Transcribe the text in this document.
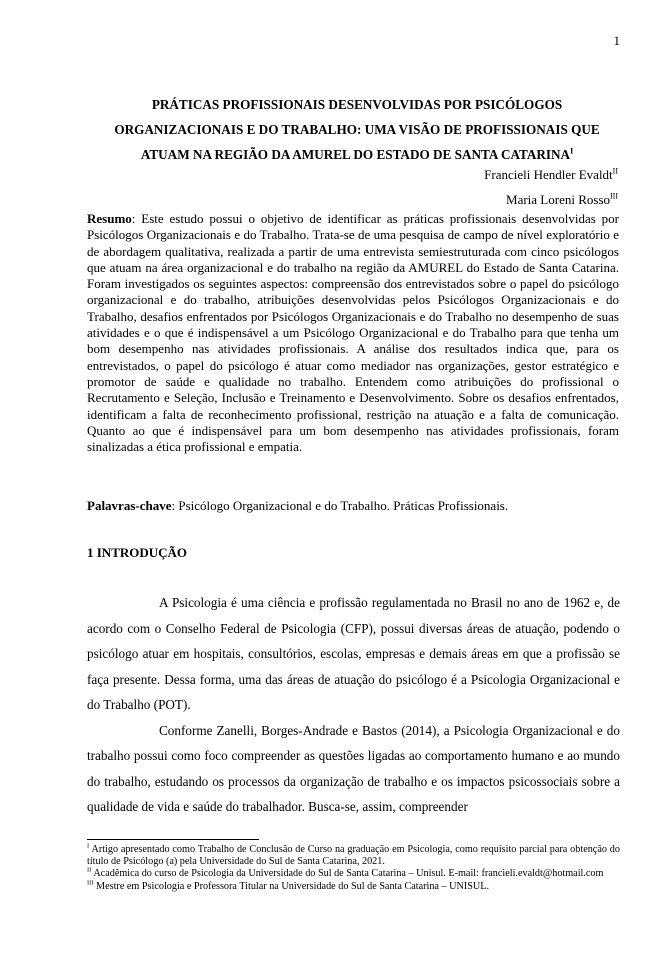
1
PRÁTICAS PROFISSIONAIS DESENVOLVIDAS POR PSICÓLOGOS
ORGANIZACIONAIS E DO TRABALHO: UMA VISÃO DE PROFISSIONAIS QUE
ATUAM NA REGIÃO DA AMUREL DO ESTADO DE SANTA $CATARINA^I$
Francieli Hendler Evaldt$^{II}$
Maria Loreni Rosso$^{III}$

Resumo: Este estudo possui o objetivo de identificar as práticas profissionais desenvolvidas por Psicólogos Organizacionais e do Trabalho. Trata-se de uma pesquisa de campo de nível exploratório e de abordagem qualitativa, realizada a partir de uma entrevista semiestruturada com cinco psicólogos que atuam na área organizacional e do trabalho na região da AMUREL do Estado de Santa Catarina. Foram investigados os seguintes aspectos: compreensão dos entrevistados sobre o papel do psicólogo organizacional e do trabalho, atribuições desenvolvidas pelos Psicólogos Organizacionais e do Trabalho, desafios enfrentados por Psicólogos Organizacionais e do Trabalho no desempenho de suas atividades e o que é indispensável a um Psicólogo Organizacional e do Trabalho para que tenha um bom desempenho nas atividades profissionais. A análise dos resultados indica que, para os entrevistados, o papel do psicólogo é atuar como mediador nas organizações, gestor estratégico e promotor de saúde e qualidade no trabalho. Entendem como atribuições do profissional o Recrutamento e Seleção, Inclusão e Treinamento e Desenvolvimento. Sobre os desafios enfrentados, identificam a falta de reconhecimento profissional, restrição na atuação e a falta de comunicação. Quanto ao que é indispensável para um bom desempenho nas atividades profissionais, foram sinalizadas a ética profissional e empatia.

Palavras-chave: Psicólogo Organizacional e do Trabalho. Práticas Profissionais.

1 INTRODUÇÃO

A Psicologia é uma ciência e profissão regulamentada no Brasil no ano de 1962 e, de acordo com o Conselho Federal de Psicologia (CFP), possui diversas áreas de atuação, podendo o psicólogo atuar em hospitais, consultórios, escolas, empresas e demais áreas em que a profissão se faça presente. Dessa forma, uma das áreas de atuação do psicólogo é a Psicologia Organizacional e do Trabalho (POT).

Conforme Zanelli, Borges-Andrade e Bastos (2014), a Psicologia Organizacional e do trabalho possui como foco compreender as questões ligadas ao comportamento humano e ao mundo do trabalho, estudando os processos da organização de trabalho e os impactos psicossociais sobre a qualidade de vida e saúde do trabalhador. Busca-se, assim, compreender

$^I$ Artigo apresentado como Trabalho de Conclusão de Curso na graduação em Psicologia, como requisito parcial para obtenção do título de Psicólogo (a) pela Universidade do Sul de Santa Catarina, 2021.

$^{II}$ Acadêmica do curso de Psicologia da Universidade do Sul de Santa Catarina – Unisul. E-mail: francieli.evaldt@hotmail.com

$^{III}$ Mestre em Psicologia e Professora Titular na Universidade do Sul de Santa Catarina – UNISUL.
